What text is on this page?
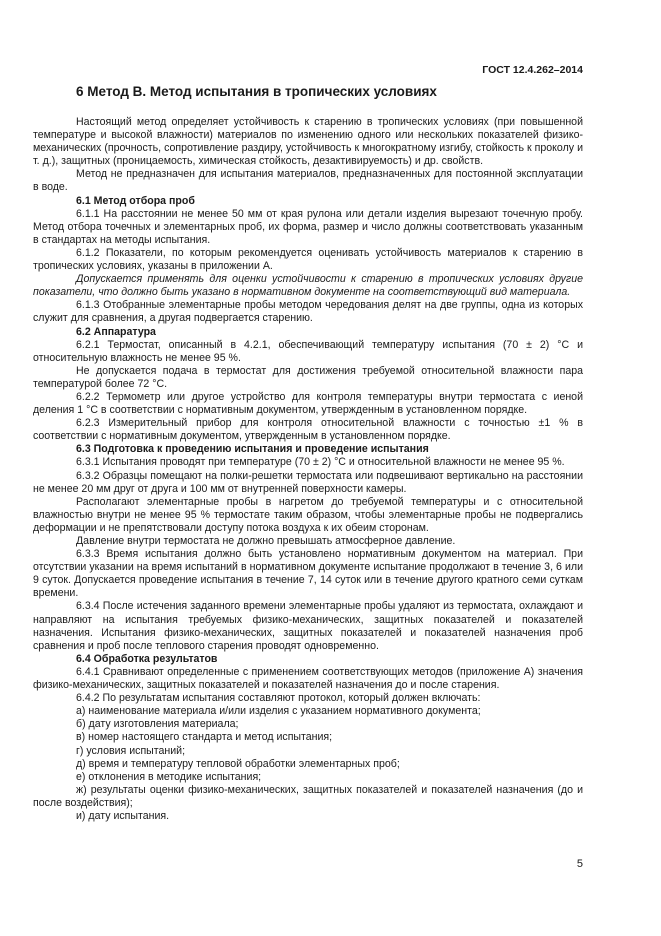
ГОСТ 12.4.262–2014
6 Метод В. Метод испытания в тропических условиях

Настоящий метод определяет устойчивость к старению в тропических условиях (при повышенной температуре и высокой влажности) материалов по изменению одного или нескольких показателей физико-механических (прочность, сопротивление раздиру, устойчивость к многократному изгибу, стойкость к проколу и т. д.), защитных (проницаемость, химическая стойкость, дезактивируемость) и др. свойств.

Метод не предназначен для испытания материалов, предназначенных для постоянной эксплуатации в воде.

6.1 Метод отбора проб

6.1.1 На расстоянии не менее 50 мм от края рулона или детали изделия вырезают точечную пробу. Метод отбора точечных и элементарных проб, их форма, размер и число должны соответствовать указанным в стандартах на методы испытания.

6.1.2 Показатели, по которым рекомендуется оценивать устойчивость материалов к старению в тропических условиях, указаны в приложении А.

Допускается применять для оценки устойчивости к старению в тропических условиях другие показатели, что должно быть указано в нормативном документе на соответствующий вид материала.

6.1.3 Отобранные элементарные пробы методом чередования делят на две группы, одна из которых служит для сравнения, а другая подвергается старению.

6.2 Аппаратура

6.2.1 Термостат, описанный в 4.2.1, обеспечивающий температуру испытания (70 ± 2) °С и относительную влажность не менее 95 %.

Не допускается подача в термостат для достижения требуемой относительной влажности пара температурой более 72 °С.

6.2.2 Термометр или другое устройство для контроля температуры внутри термостата с иеной деления 1 °С в соответствии с нормативным документом, утвержденным в установленном порядке.

6.2.3 Измерительный прибор для контроля относительной влажности с точностью ±1 % в соответствии с нормативным документом, утвержденным в установленном порядке.

6.3 Подготовка к проведению испытания и проведение испытания

6.3.1 Испытания проводят при температуре (70 ± 2) °С и относительной влажности не менее 95 %.

6.3.2 Образцы помещают на полки-решетки термостата или подвешивают вертикально на расстоянии не менее 20 мм друг от друга и 100 мм от внутренней поверхности камеры.

Располагают элементарные пробы в нагретом до требуемой температуры и с относительной влажностью внутри не менее 95 % термостате таким образом, чтобы элементарные пробы не подвергались деформации и не препятствовали доступу потока воздуха к их обеим сторонам.

Давление внутри термостата не должно превышать атмосферное давление.

6.3.3 Время испытания должно быть установлено нормативным документом на материал. При отсутствии указании на время испытаний в нормативном документе испытание продолжают в течение 3, 6 или 9 суток. Допускается проведение испытания в течение 7, 14 суток или в течение другого кратного семи суткам времени.

6.3.4 После истечения заданного времени элементарные пробы удаляют из термостата, охлаждают и направляют на испытания требуемых физико-механических, защитных показателей и показателей назначения. Испытания физико-механических, защитных показателей и показателей назначения проб сравнения и проб после теплового старения проводят одновременно.

6.4 Обработка результатов

6.4.1 Сравнивают определенные с применением соответствующих методов (приложение А) значения физико-механических, защитных показателей и показателей назначения до и после старения.

6.4.2 По результатам испытания составляют протокол, который должен включать:

а) наименование материала и/или изделия с указанием нормативного документа;

б) дату изготовления материала;

в) номер настоящего стандарта и метод испытания;

г) условия испытаний;

д) время и температуру тепловой обработки элементарных проб;

е) отклонения в методике испытания;

ж) результаты оценки физико-механических, защитных показателей и показателей назначения (до и после воздействия);

и) дату испытания.

5
